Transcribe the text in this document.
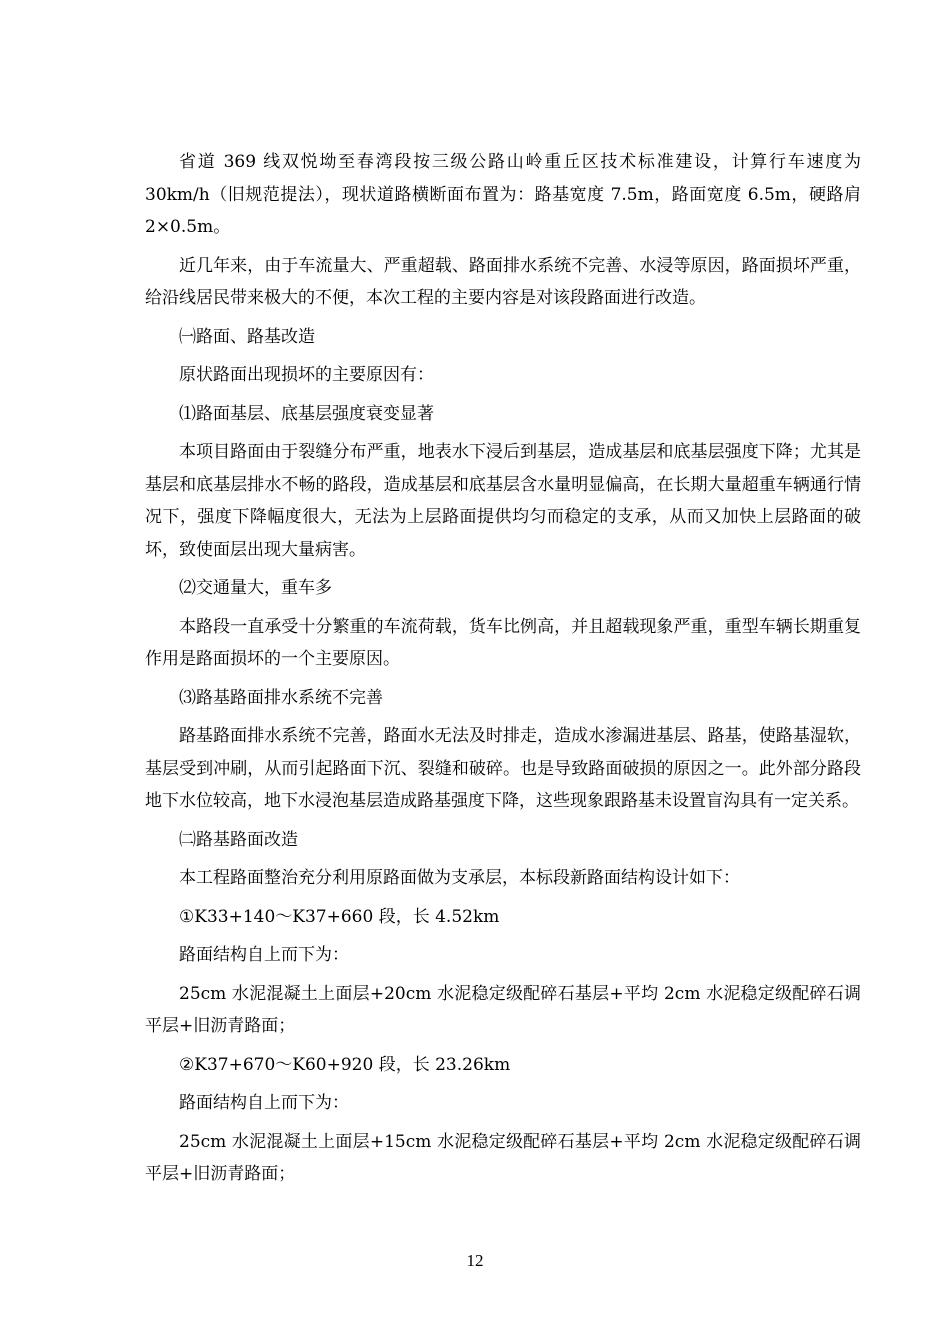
省道 369 线双悦坳至春湾段按三级公路山岭重丘区技术标准建设，计算行车速度为 30km/h（旧规范提法），现状道路横断面布置为：路基宽度 7.5m，路面宽度 6.5m，硬路肩 2×0.5m。

近几年来，由于车流量大、严重超载、路面排水系统不完善、水浸等原因，路面损坏严重，给沿线居民带来极大的不便，本次工程的主要内容是对该段路面进行改造。

㈠路面、路基改造

原状路面出现损坏的主要原因有：

⑴路面基层、底基层强度衰变显著

本项目路面由于裂缝分布严重，地表水下浸后到基层，造成基层和底基层强度下降；尤其是基层和底基层排水不畅的路段，造成基层和底基层含水量明显偏高，在长期大量超重车辆通行情况下，强度下降幅度很大，无法为上层路面提供均匀而稳定的支承，从而又加快上层路面的破坏，致使面层出现大量病害。

⑵交通量大，重车多

本路段一直承受十分繁重的车流荷载，货车比例高，并且超载现象严重，重型车辆长期重复作用是路面损坏的一个主要原因。

⑶路基路面排水系统不完善

路基路面排水系统不完善，路面水无法及时排走，造成水渗漏进基层、路基，使路基湿软，基层受到冲刷，从而引起路面下沉、裂缝和破碎。也是导致路面破损的原因之一。此外部分路段地下水位较高，地下水浸泡基层造成路基强度下降，这些现象跟路基未设置盲沟具有一定关系。

㈡路基路面改造

本工程路面整治充分利用原路面做为支承层，本标段新路面结构设计如下：

①K33+140～K37+660 段，长 4.52km

路面结构自上而下为：

25cm 水泥混凝土上面层+20cm 水泥稳定级配碎石基层+平均 2cm 水泥稳定级配碎石调平层+旧沥青路面；

②K37+670～K60+920 段，长 23.26km

路面结构自上而下为：

25cm 水泥混凝土上面层+15cm 水泥稳定级配碎石基层+平均 2cm 水泥稳定级配碎石调平层+旧沥青路面；

12
